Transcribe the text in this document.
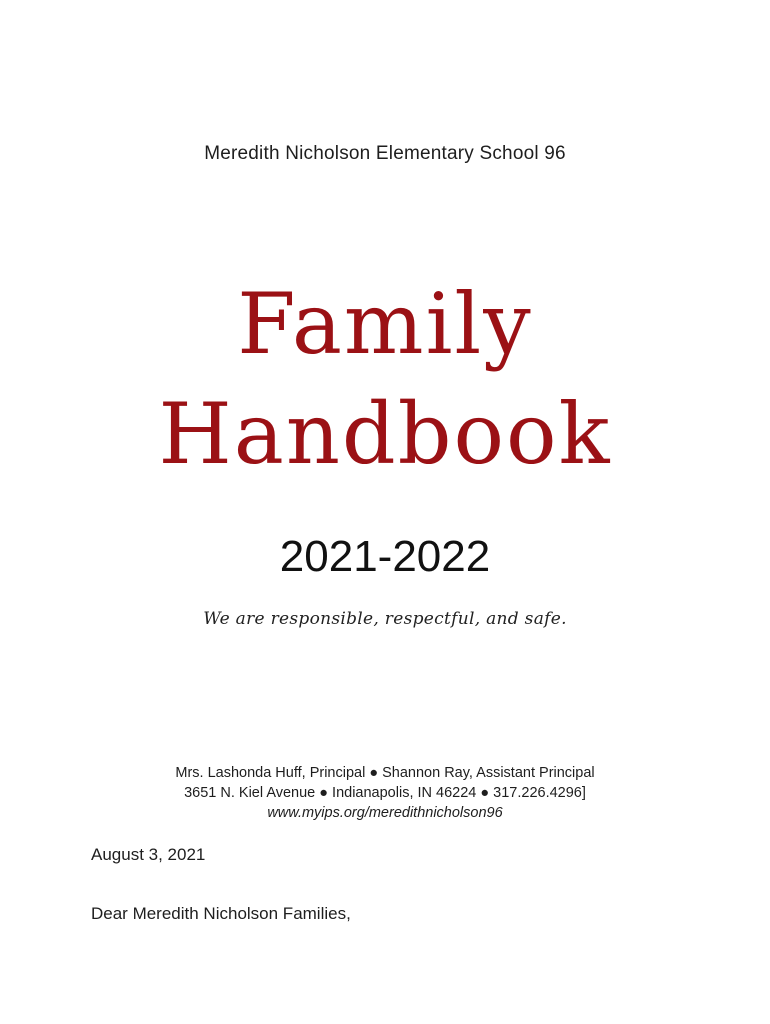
Meredith Nicholson Elementary School 96
Family
Handbook
2021-2022
We are responsible, respectful, and safe.
Mrs. Lashonda Huff, Principal ● Shannon Ray, Assistant Principal
3651 N. Kiel Avenue ● Indianapolis, IN 46224 ● 317.226.4296]
www.myips.org/meredithnicholson96
August 3, 2021
Dear Meredith Nicholson Families,
